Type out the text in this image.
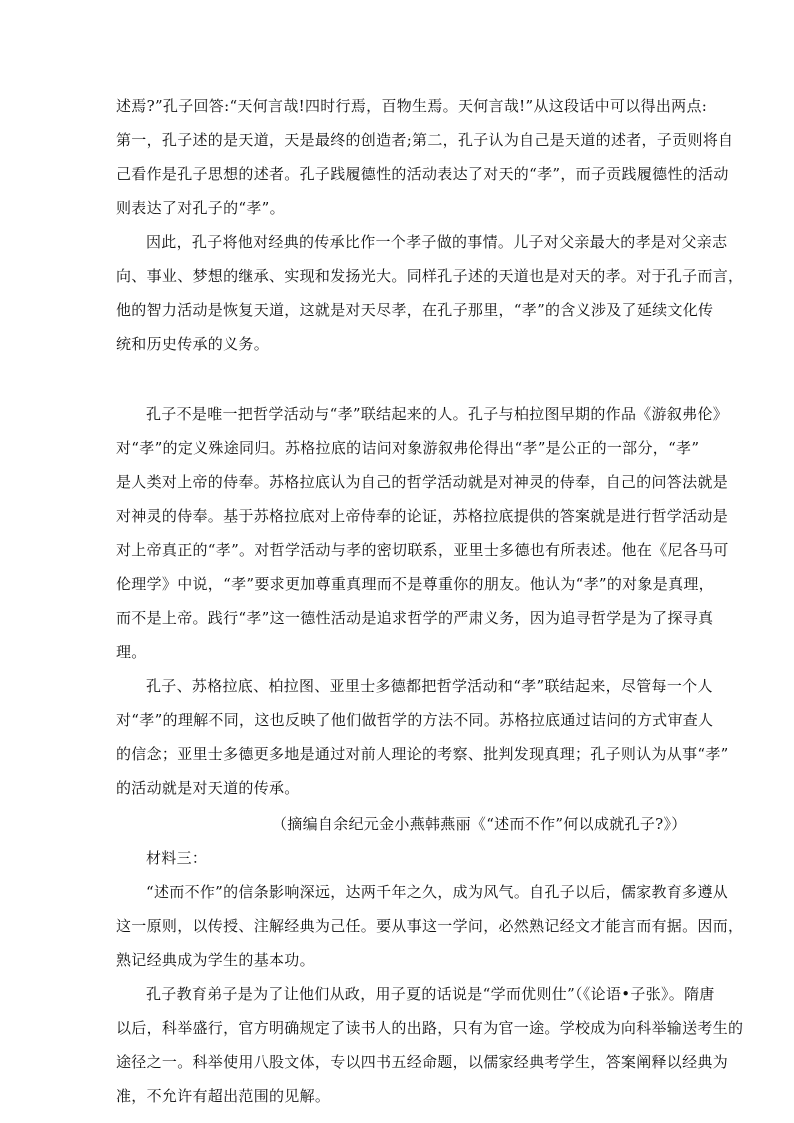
述焉?”孔子回答:“天何言哉!四时行焉，百物生焉。天何言哉!”从这段话中可以得出两点:
第一，孔子述的是天道，天是最终的创造者;第二，孔子认为自己是天道的述者，子贡则将自
己看作是孔子思想的述者。孔子践履德性的活动表达了对天的“孝”，而子贡践履德性的活动
则表达了对孔子的“孝”。
因此，孔子将他对经典的传承比作一个孝子做的事情。儿子对父亲最大的孝是对父亲志
向、事业、梦想的继承、实现和发扬光大。同样孔子述的天道也是对天的孝。对于孔子而言，
他的智力活动是恢复天道，这就是对天尽孝，在孔子那里，“孝”的含义涉及了延续文化传
统和历史传承的义务。
孔子不是唯一把哲学活动与“孝”联结起来的人。孔子与柏拉图早期的作品《游叙弗伦》
对“孝”的定义殊途同归。苏格拉底的诘问对象游叙弗伦得出“孝”是公正的一部分，“孝”
是人类对上帝的侍奉。苏格拉底认为自己的哲学活动就是对神灵的侍奉，自己的问答法就是
对神灵的侍奉。基于苏格拉底对上帝侍奉的论证，苏格拉底提供的答案就是进行哲学活动是
对上帝真正的“孝”。对哲学活动与孝的密切联系，亚里士多德也有所表述。他在《尼各马可
伦理学》中说，“孝”要求更加尊重真理而不是尊重你的朋友。他认为“孝”的对象是真理，
而不是上帝。践行“孝”这一德性活动是追求哲学的严肃义务，因为追寻哲学是为了探寻真
理。
孔子、苏格拉底、柏拉图、亚里士多德都把哲学活动和“孝”联结起来，尽管每一个人
对“孝”的理解不同，这也反映了他们做哲学的方法不同。苏格拉底通过诘问的方式审查人
的信念；亚里士多德更多地是通过对前人理论的考察、批判发现真理；孔子则认为从事“孝”
的活动就是对天道的传承。
（摘编自余纪元金小燕韩燕丽《“述而不作”何以成就孔子?》）
材料三：
“述而不作”的信条影响深远，达两千年之久，成为风气。自孔子以后，儒家教育多遵从
这一原则，以传授、注解经典为己任。要从事这一学问，必然熟记经文才能言而有据。因而，
熟记经典成为学生的基本功。
孔子教育弟子是为了让他们从政，用子夏的话说是“学而优则仕”（《论语•子张》。隋唐
以后，科举盛行，官方明确规定了读书人的出路，只有为官一途。学校成为向科举输送考生的
途径之一。科举使用八股文体，专以四书五经命题，以儒家经典考学生，答案阐释以经典为
准，不允许有超出范围的见解。
